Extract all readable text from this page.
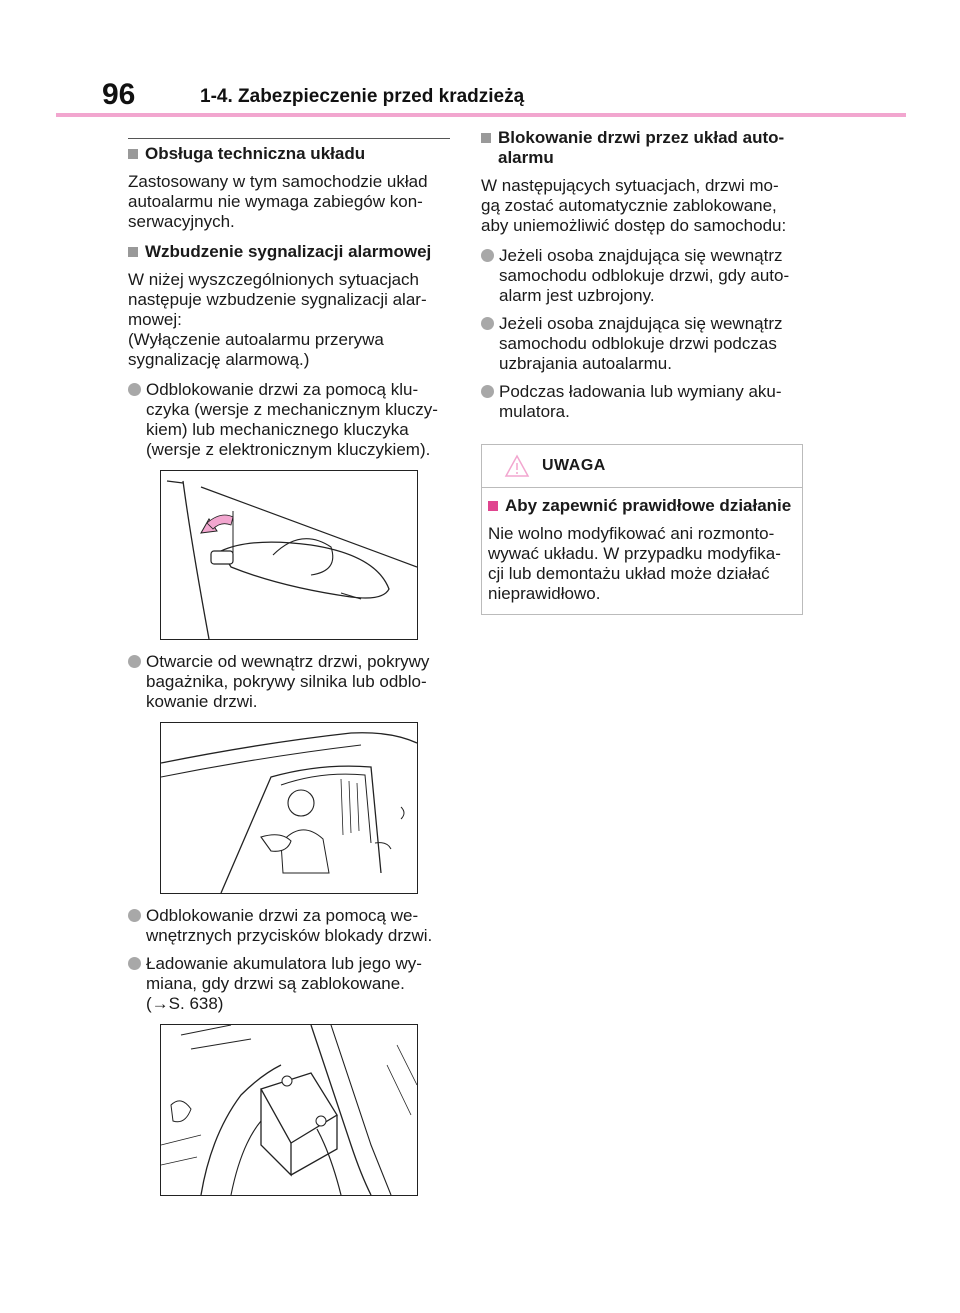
96	1-4. Zabezpieczenie przed kradzieżą
Obsługa techniczna układu
Zastosowany w tym samochodzie układ
autoalarmu nie wymaga zabiegów kon-
serwacyjnych.
Wzbudzenie sygnalizacji alarmowej
W niżej wyszczególnionych sytuacjach
następuje wzbudzenie sygnalizacji alar-
mowej:
(Wyłączenie autoalarmu przerywa
sygnalizację alarmową.)
Odblokowanie drzwi za pomocą klu-
czyka (wersje z mechanicznym kluczy-
kiem) lub mechanicznego kluczyka
(wersje z elektronicznym kluczykiem).
Otwarcie od wewnątrz drzwi, pokrywy
bagażnika, pokrywy silnika lub odblo-
kowanie drzwi.
Odblokowanie drzwi za pomocą we-
wnętrznych przycisków blokady drzwi.
Ładowanie akumulatora lub jego wy-
miana, gdy drzwi są zablokowane.
(→S. 638)
Blokowanie drzwi przez układ auto-
alarmu
W następujących sytuacjach, drzwi mo-
gą zostać automatycznie zablokowane,
aby uniemożliwić dostęp do samochodu:
Jeżeli osoba znajdująca się wewnątrz
samochodu odblokuje drzwi, gdy auto-
alarm jest uzbrojony.
Jeżeli osoba znajdująca się wewnątrz
samochodu odblokuje drzwi podczas
uzbrajania autoalarmu.
Podczas ładowania lub wymiany aku-
mulatora.
UWAGA
Aby zapewnić prawidłowe działanie
Nie wolno modyfikować ani rozmonto-
wywać układu. W przypadku modyfika-
cji lub demontażu układ może działać
nieprawidłowo.
